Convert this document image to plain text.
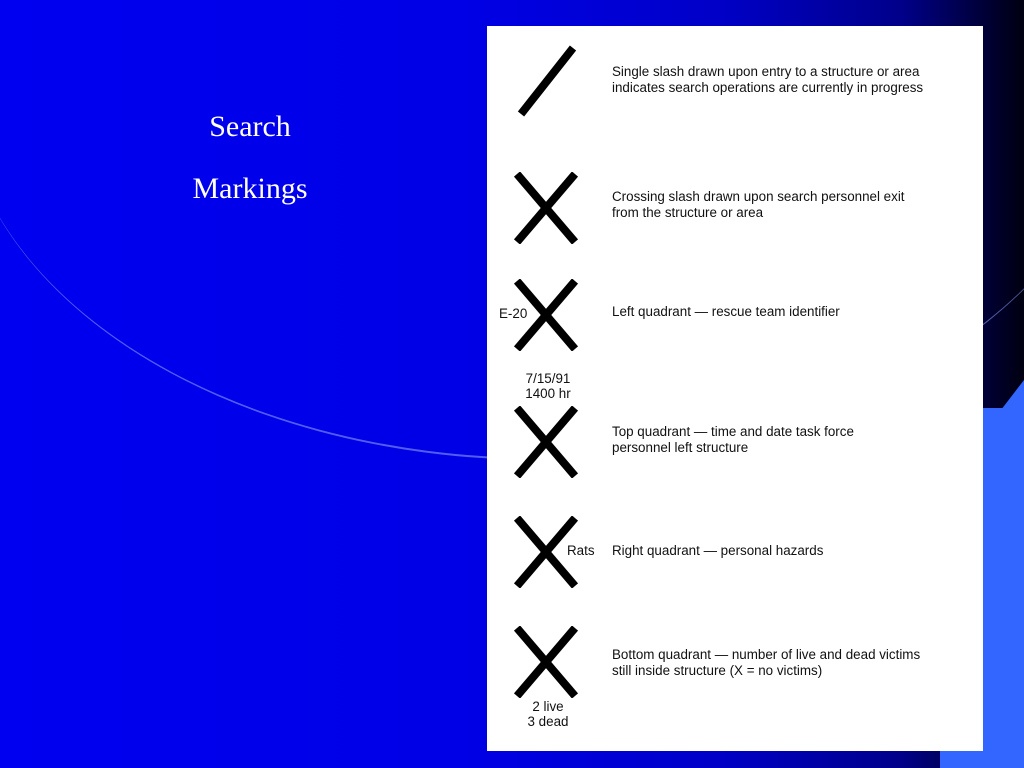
Search
Markings
Single slash drawn upon entry to a structure or area
indicates search operations are currently in progress
Crossing slash drawn upon search personnel exit
from the structure or area
E-20	Left quadrant — rescue team identifier
7/15/91
1400 hr
Top quadrant — time and date task force
personnel left structure
Rats Right quadrant — personal hazards
Bottom quadrant — number of live and dead victims
still inside structure (X = no victims)
2 live
3 dead
